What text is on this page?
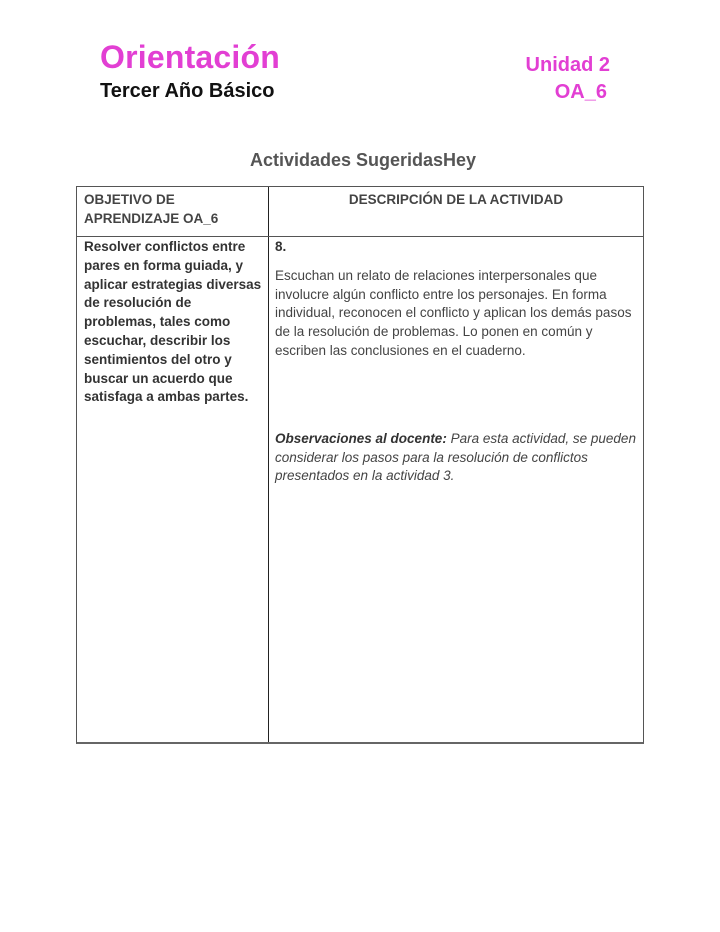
Orientación
Tercer Año Básico
Unidad 2
OA_6
Actividades SugeridasHey
OBJETIVO DE APRENDIZAJE OA_6
DESCRIPCIÓN DE LA ACTIVIDAD
Resolver conflictos entre pares en forma guiada, y aplicar estrategias diversas de resolución de problemas, tales como escuchar, describir los sentimientos del otro y buscar un acuerdo que satisfaga a ambas partes.

8.

Escuchan un relato de relaciones interpersonales que involucre algún conflicto entre los personajes. En forma individual, reconocen el conflicto y aplican los demás pasos de la resolución de problemas. Lo ponen en común y escriben las conclusiones en el cuaderno.

Observaciones al docente: Para esta actividad, se pueden considerar los pasos para la resolución de conflictos presentados en la actividad 3.
